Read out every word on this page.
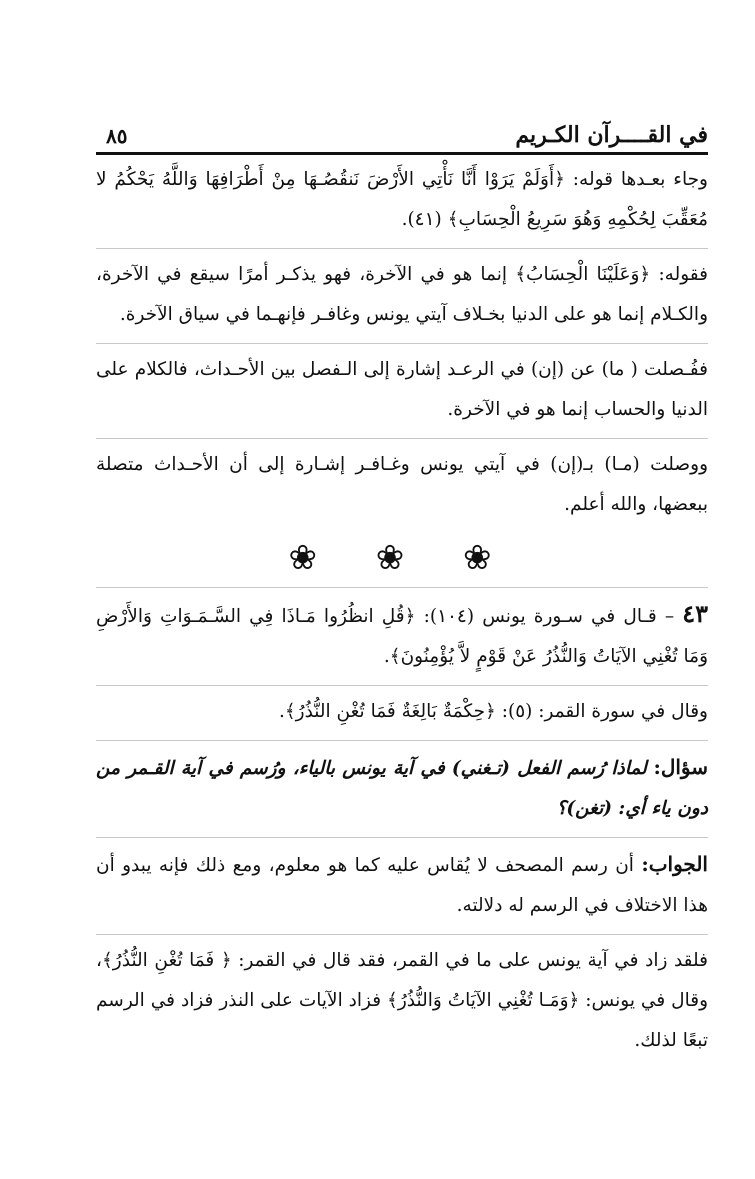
في القــــرآن الكـريم
٨٥

وجاء بعـدها قوله: ﴿أَوَلَمْ يَرَوْا أَنَّا نَأْتِي الأَرْضَ نَنقُصُـهَا مِنْ أَطْرَافِهَا وَاللَّهُ يَحْكُمُ لا مُعَقِّبَ لِحُكْمِهِ وَهُوَ سَرِيعُ الْحِسَابِ﴾ (٤١).

فقوله: ﴿وَعَلَيْنَا الْحِسَابُ﴾ إنما هو في الآخرة، فهو يذكـر أمرًا سيقع في الآخرة، والكـلام إنما هو على الدنيا بخـلاف آيتي يونس وغافـر فإنهـما في سياق الآخرة.

ففُـصلت ( ما) عن (إن) في الرعـد إشارة إلى الـفصل بين الأحـداث، فالكلام على الدنيا والحساب إنما هو في الآخرة.

ووصلت (مـا) بـ(إن) في آيتي يونس وغـافـر إشـارة إلى أن الأحـداث متصلة ببعضها، والله أعلم.

❀ ❀ ❀

٤٣ – قـال في سـورة يونس (١٠٤): ﴿قُلِ انظُرُوا مَـاذَا فِي السَّـمَـوَاتِ وَالأَرْضِ وَمَا تُغْنِي الآيَاتُ وَالنُّذُرُ عَنْ قَوْمٍ لاَّ يُؤْمِنُونَ﴾.

وقال في سورة القمر: (٥): ﴿حِكْمَةٌ بَالِغَةٌ فَمَا تُغْنِ النُّذُرُ﴾.

سؤال: لماذا رُسم الفعل (تـغني) في آية يونس بالياء، ورُسم في آية القـمر من دون ياء أي: (تغن)؟

الجواب: أن رسم المصحف لا يُقاس عليه كما هو معلوم، ومع ذلك فإنه يبدو أن هذا الاختلاف في الرسم له دلالته.

فلقد زاد في آية يونس على ما في القمر، فقد قال في القمر: ﴿ فَمَا تُغْنِ النُّذُرُ﴾، وقال في يونس: ﴿وَمَـا تُغْنِي الآيَاتُ وَالنُّذُرُ﴾ فزاد الآيات على النذر فزاد في الرسم تبعًا لذلك.
